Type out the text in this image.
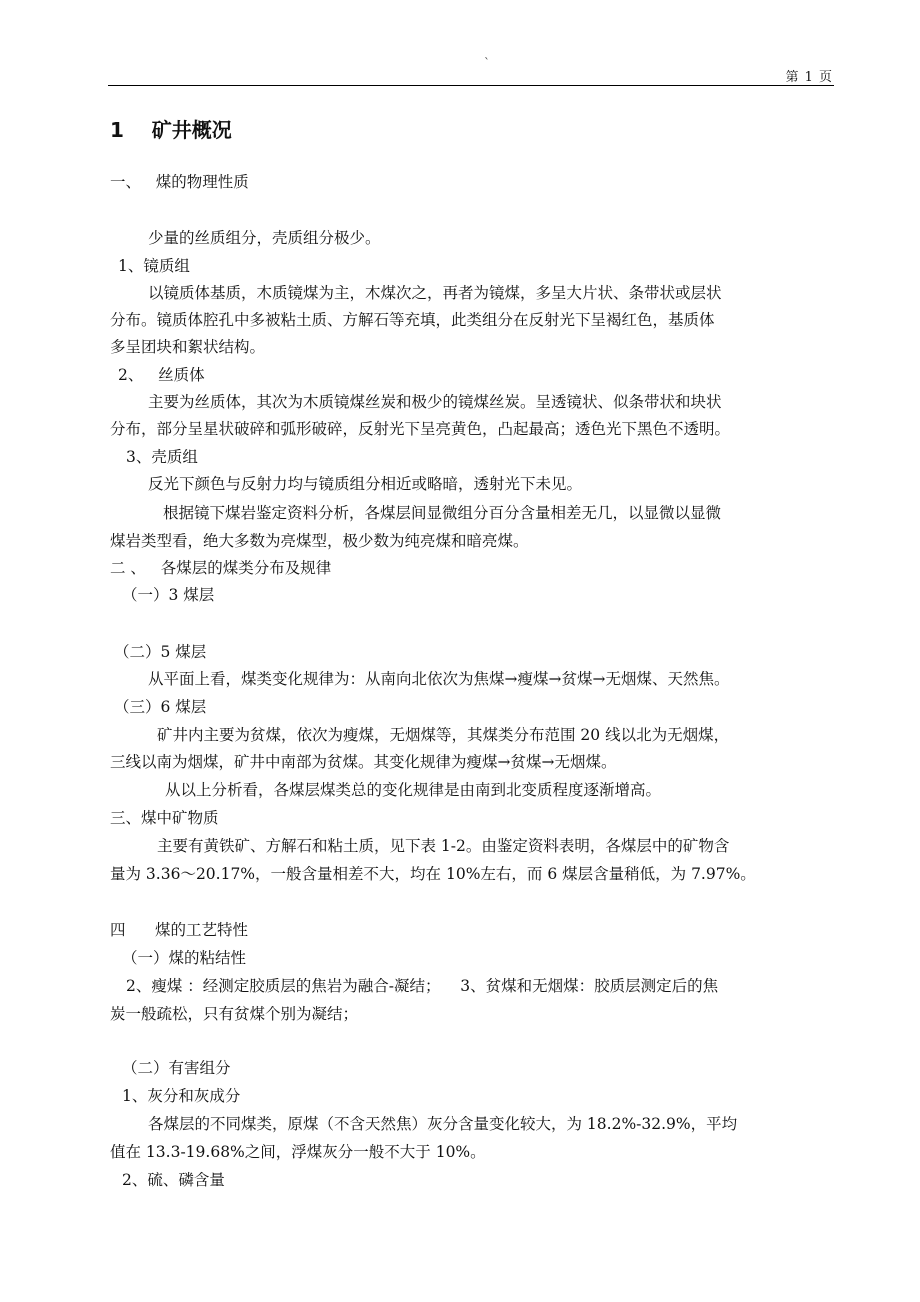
`
第 1 页
1    矿井概况
一、   煤的物理性质
少量的丝质组分，壳质组分极少。
1、镜质组
以镜质体基质，木质镜煤为主，木煤次之，再者为镜煤，多呈大片状、条带状或层状
分布。镜质体腔孔中多被粘土质、方解石等充填，此类组分在反射光下呈褐红色，基质体
多呈团块和絮状结构。
2、   丝质体
主要为丝质体，其次为木质镜煤丝炭和极少的镜煤丝炭。呈透镜状、似条带状和块状
分布，部分呈星状破碎和弧形破碎，反射光下呈亮黄色，凸起最高；透色光下黑色不透明。
3、壳质组
反光下颜色与反射力均与镜质组分相近或略暗，透射光下未见。
根据镜下煤岩鉴定资料分析，各煤层间显微组分百分含量相差无几，以显微以显微
煤岩类型看，绝大多数为亮煤型，极少数为纯亮煤和暗亮煤。
二 、   各煤层的煤类分布及规律
（一）3 煤层
（二）5 煤层
从平面上看，煤类变化规律为：从南向北依次为焦煤→瘦煤→贫煤→无烟煤、天然焦。
（三）6 煤层
矿井内主要为贫煤，依次为瘦煤，无烟煤等，其煤类分布范围 20 线以北为无烟煤，
三线以南为烟煤，矿井中南部为贫煤。其变化规律为瘦煤→贫煤→无烟煤。
从以上分析看，各煤层煤类总的变化规律是由南到北变质程度逐渐增高。
三、煤中矿物质
主要有黄铁矿、方解石和粘土质，见下表 1-2。由鉴定资料表明，各煤层中的矿物含
量为 3.36～20.17%，一般含量相差不大，均在 10%左右，而 6 煤层含量稍低，为 7.97%。
四      煤的工艺特性
（一）煤的粘结性
2、瘦煤 ：经测定胶质层的焦岩为融合-凝结；    3、贫煤和无烟煤：胶质层测定后的焦
炭一般疏松，只有贫煤个别为凝结；
（二）有害组分
1、灰分和灰成分
各煤层的不同煤类，原煤（不含天然焦）灰分含量变化较大，为 18.2%-32.9%，平均
值在 13.3-19.68%之间，浮煤灰分一般不大于 10%。
2、硫、磷含量
